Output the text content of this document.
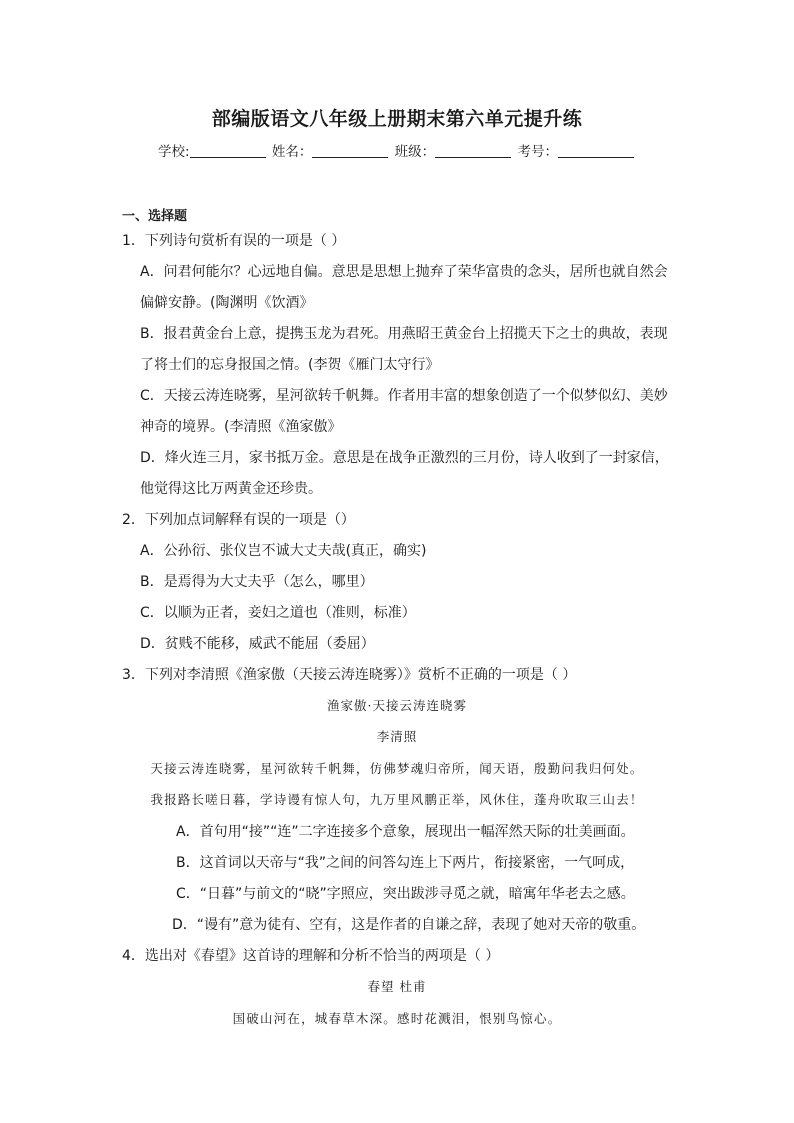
部编版语文八年级上册期末第六单元提升练
学校:	姓名：	班级：	考号：
一、选择题
1．下列诗句赏析有误的一项是（ ）
A．问君何能尔？心远地自偏。意思是思想上抛弃了荣华富贵的念头，居所也就自然会
偏僻安静。(陶渊明《饮酒》
B．报君黄金台上意，提携玉龙为君死。用燕昭王黄金台上招揽天下之士的典故，表现
了将士们的忘身报国之情。(李贺《雁门太守行》
C．天接云涛连晓雾，星河欲转千帆舞。作者用丰富的想象创造了一个似梦似幻、美妙
神奇的境界。(李清照《渔家傲》
D．烽火连三月，家书抵万金。意思是在战争正激烈的三月份，诗人收到了一封家信，
他觉得这比万两黄金还珍贵。
2．下列加点词解释有误的一项是（）
A．公孙衍、张仪岂不诚大丈夫哉(真正，确实)
B．是焉得为大丈夫乎（怎么，哪里）
C．以顺为正者，妾妇之道也（准则，标准）
D．贫贱不能移，威武不能屈（委屈）
3．下列对李清照《渔家傲（天接云涛连晓雾）》赏析不正确的一项是（ ）
渔家傲·天接云涛连晓雾
李清照
天接云涛连晓雾，星河欲转千帆舞，仿佛梦魂归帝所，闻天语，殷勤问我归何处。
我报路长嗟日暮，学诗谩有惊人句，九万里风鹏正举，风休住，蓬舟吹取三山去！
A．首句用“接”“连”二字连接多个意象，展现出一幅浑然天际的壮美画面。
B．这首词以天帝与“我”之间的问答勾连上下两片，衔接紧密，一气呵成，
C．“日暮”与前文的“晓”字照应，突出跋涉寻觅之就，暗寓年华老去之感。
D．“谩有”意为徒有、空有，这是作者的自谦之辞，表现了她对天帝的敬重。
4．选出对《春望》这首诗的理解和分析不恰当的两项是（ ）
春望 杜甫
国破山河在，城春草木深。感时花溅泪，恨别鸟惊心。
